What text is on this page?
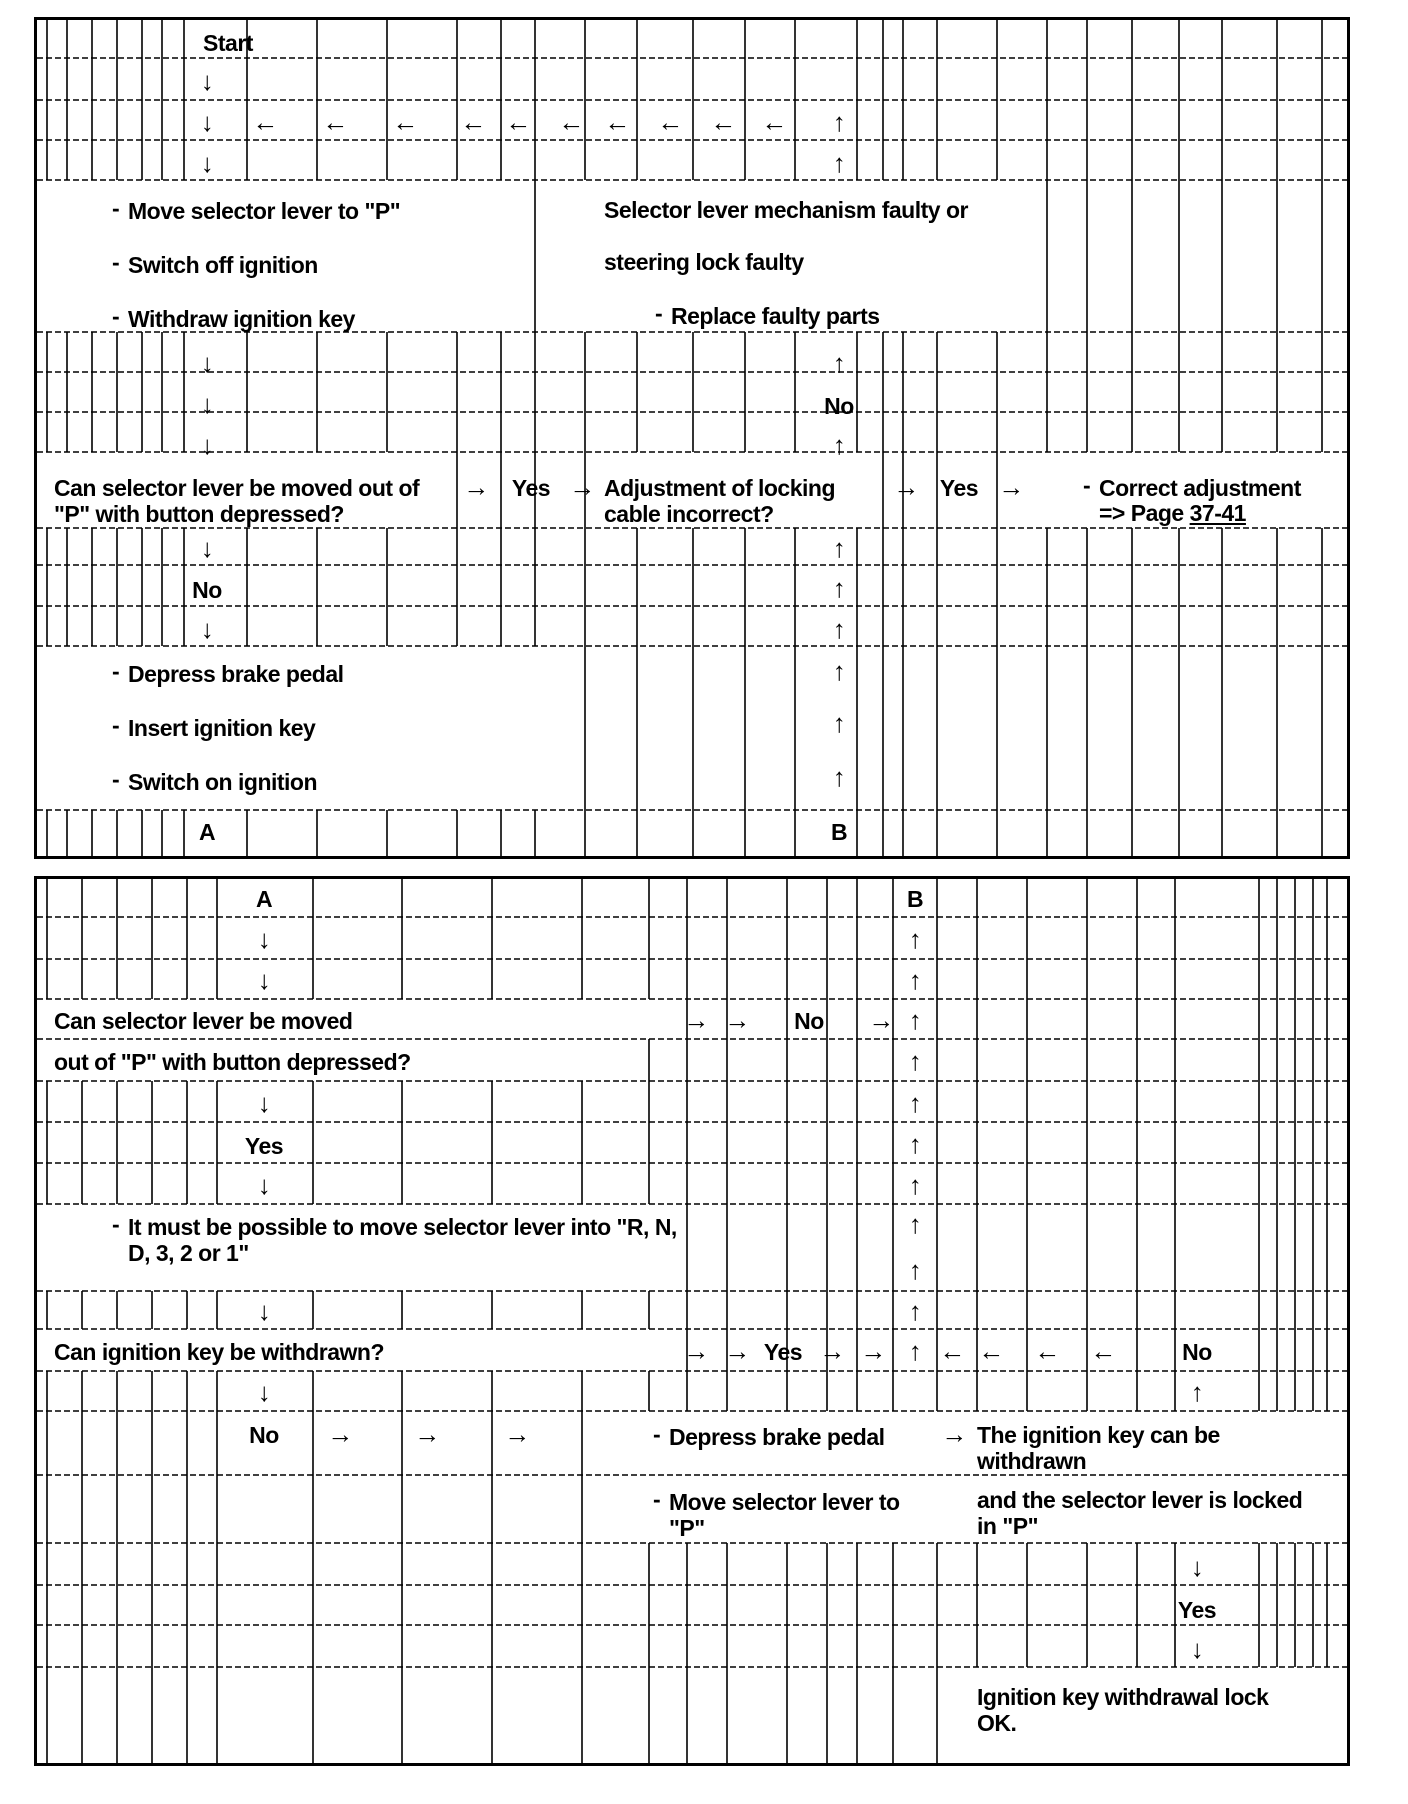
Start
↓
↓
↓
← ← ← ← ← ← ← ← ← ← ↑
↑
- Move selector lever to "P"
- Switch off ignition
- Withdraw ignition key
Selector lever mechanism faulty or
steering lock faulty
- Replace faulty parts
↓
↓
↓
↑
No
↑
Can selector lever be moved out of "P" with button depressed?
→ Yes → Adjustment of locking cable incorrect?
→ Yes →	- Correct adjustment
=> Page 37-41
↓
No
↓
↑
↑
↑
- Depress brake pedal
- Insert ignition key
- Switch on ignition
↑
↑
↑
A	B
A	B
↓
↓
↑
↑
Can selector lever be moved	→ → No → ↑
out of "P" with button depressed?	↑
↓
Yes
↓
↑
↑
↑
- It must be possible to move selector lever into "R, N, D, 3, 2 or 1"
↑
↑
↓	↑
Can ignition key be withdrawn?	→ → Yes → → ↑ ← ← ← ←	No
↓	↑
No → → →	- Depress brake pedal → The ignition key can be withdrawn
- Move selector lever to "P"
and the selector lever is locked in "P"
↓
Yes
↓
Ignition key withdrawal lock OK.
